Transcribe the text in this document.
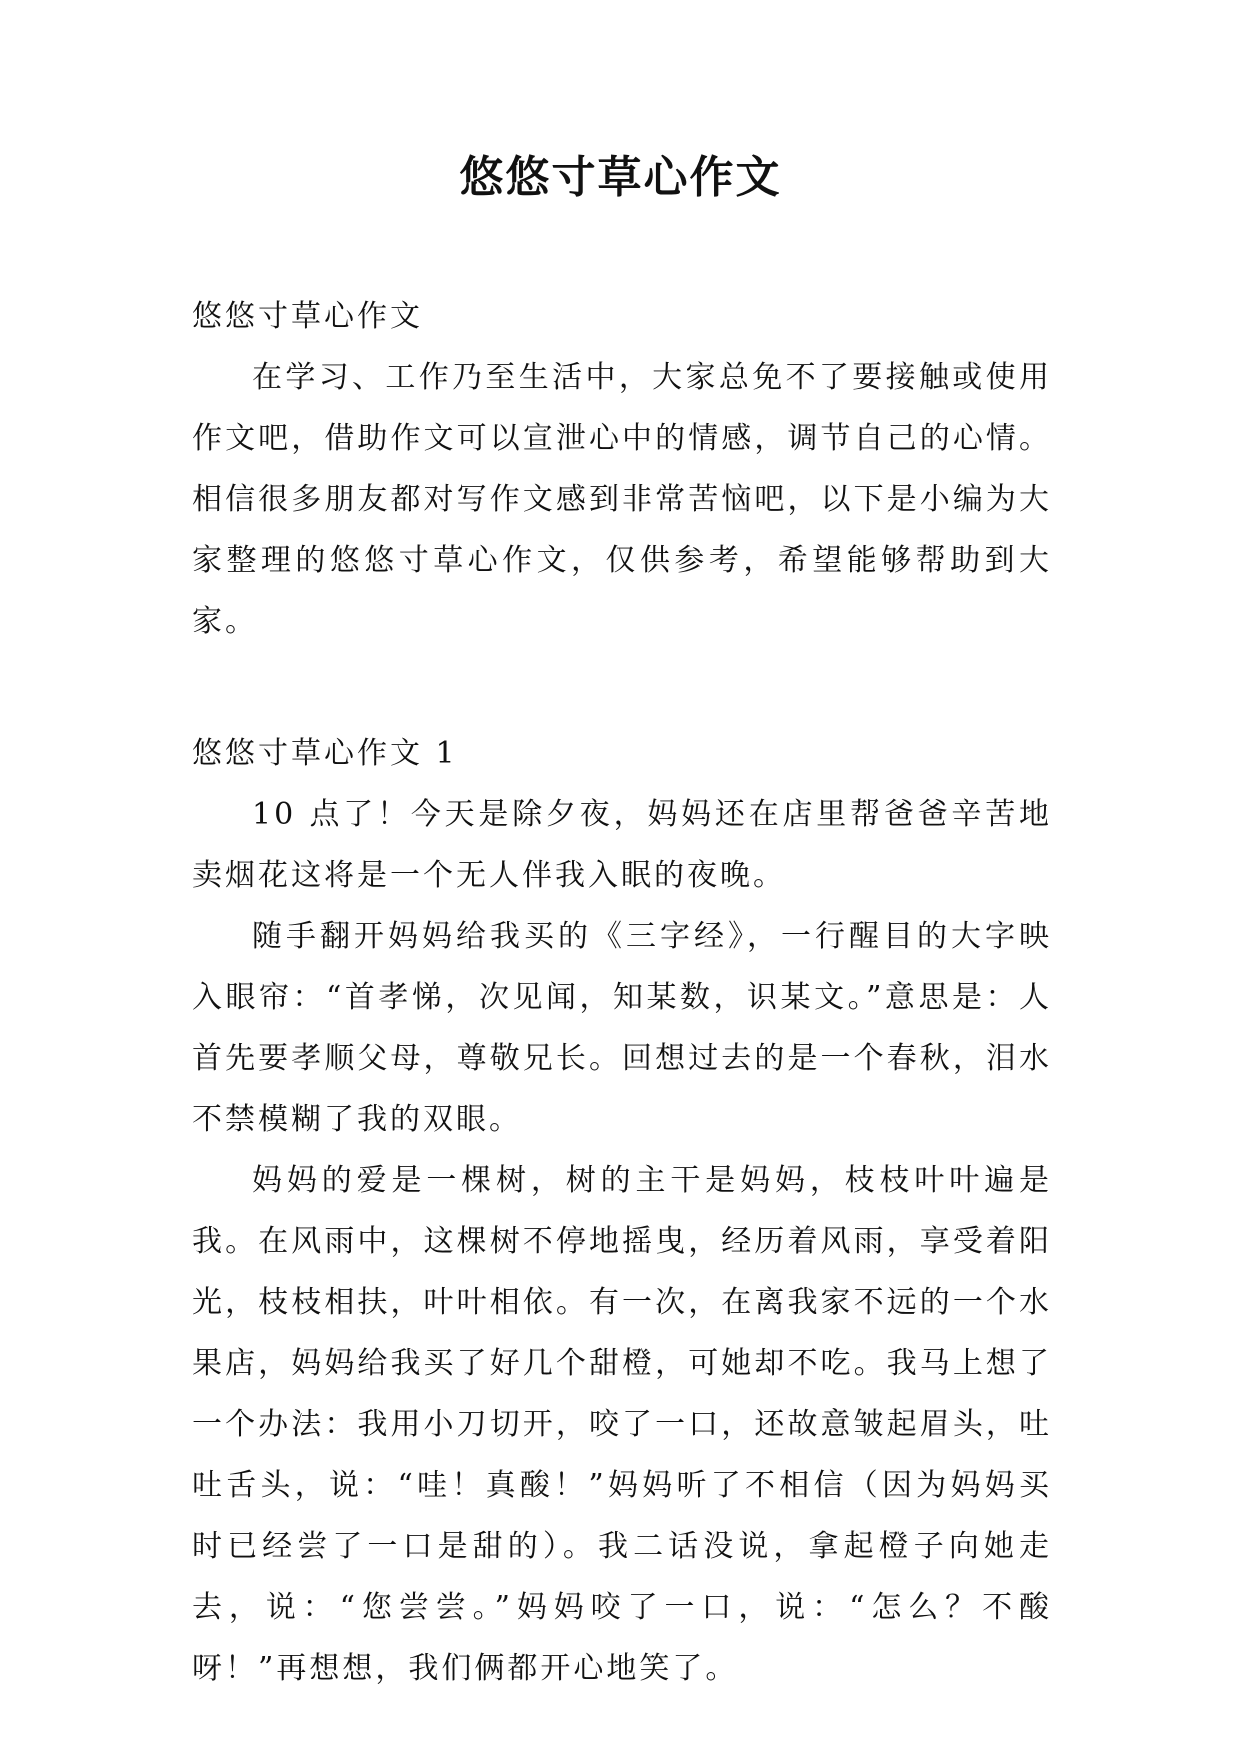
悠悠寸草心作文

悠悠寸草心作文

在学习、工作乃至生活中，大家总免不了要接触或使用作文吧，借助作文可以宣泄心中的情感，调节自己的心情。相信很多朋友都对写作文感到非常苦恼吧，以下是小编为大家整理的悠悠寸草心作文，仅供参考，希望能够帮助到大家。

悠悠寸草心作文 1

10 点了！今天是除夕夜，妈妈还在店里帮爸爸辛苦地卖烟花这将是一个无人伴我入眠的夜晚。

随手翻开妈妈给我买的《三字经》，一行醒目的大字映入眼帘：“首孝悌，次见闻，知某数，识某文。”意思是：人首先要孝顺父母，尊敬兄长。回想过去的是一个春秋，泪水不禁模糊了我的双眼。

妈妈的爱是一棵树，树的主干是妈妈，枝枝叶叶遍是我。在风雨中，这棵树不停地摇曳，经历着风雨，享受着阳光，枝枝相扶，叶叶相依。有一次，在离我家不远的一个水果店，妈妈给我买了好几个甜橙，可她却不吃。我马上想了一个办法：我用小刀切开，咬了一口，还故意皱起眉头，吐吐舌头，说：“哇！真酸！”妈妈听了不相信（因为妈妈买时已经尝了一口是甜的）。我二话没说，拿起橙子向她走去，说：“您尝尝。”妈妈咬了一口，说：“怎么？不酸呀！”再想想，我们俩都开心地笑了。
